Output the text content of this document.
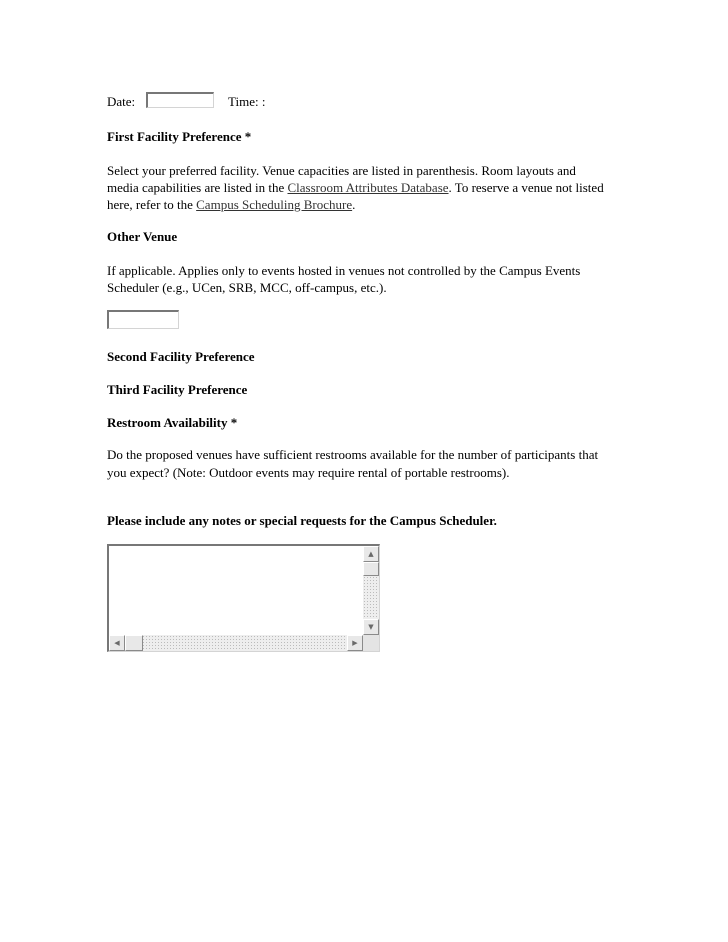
Date:	Time: :
First Facility Preference *
Select your preferred facility. Venue capacities are listed in parenthesis. Room layouts and media capabilities are listed in the Classroom Attributes Database. To reserve a venue not listed here, refer to the Campus Scheduling Brochure.
Other Venue
If applicable. Applies only to events hosted in venues not controlled by the Campus Events Scheduler (e.g., UCen, SRB, MCC, off-campus, etc.).
Second Facility Preference
Third Facility Preference
Restroom Availability *
Do the proposed venues have sufficient restrooms available for the number of participants that you expect? (Note: Outdoor events may require rental of portable restrooms).
Please include any notes or special requests for the Campus Scheduler.
▲
▼
◀	▶
